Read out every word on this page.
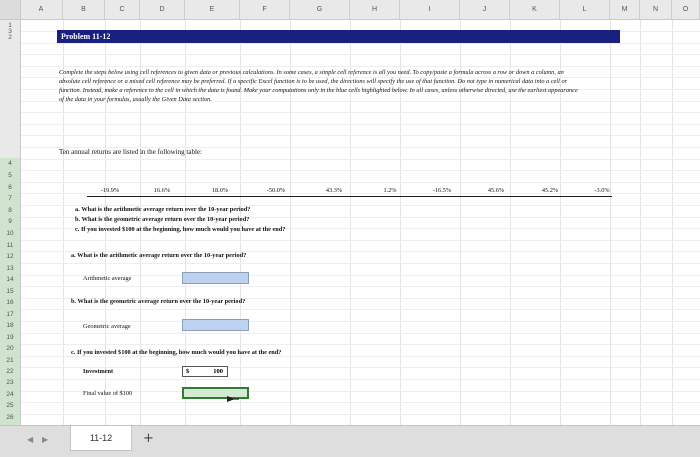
A	B	C	D	E	F	G	H	I	J	K	L	M	N	O
1
2
3
4
5
6
7
8
9
10
11
12
13
14
15
16
17
18
19
20
21
22
23
24
25
26
Problem 11-12
Complete the steps below using cell references to given data or previous calculations. In some cases, a simple cell reference is all you need. To copy/paste a formula across a row or down a column, an absolute cell reference or a mixed cell reference may be preferred. If a specific Excel function is to be used, the directions will specify the use of that function. Do not type in numerical data into a cell or function. Instead, make a reference to the cell in which the data is found. Make your computations only in the blue cells highlighted below. In all cases, unless otherwise directed, use the earliest appearance of the data in your formulas, usually the Given Data section.
Ten annual returns are listed in the following table:
-19.9%	16.6%	18.0%	-50.0%	43.3%	1.2%	-16.5%	45.6%	45.2%	-3.0%
a. What is the arithmetic average return over the 10-year period?
b. What is the geometric average return over the 10-year period?
c. If you invested $100 at the beginning, how much would you have at the end?
a. What is the arithmetic average return over the 10-year period?
Arithmetic average
b. What is the geometric average return over the 10-year period?
Geometric average
c. If you invested $100 at the beginning, how much would you have at the end?
Investment	$	100
Final value of $100
◀ ▶	11-12	+
